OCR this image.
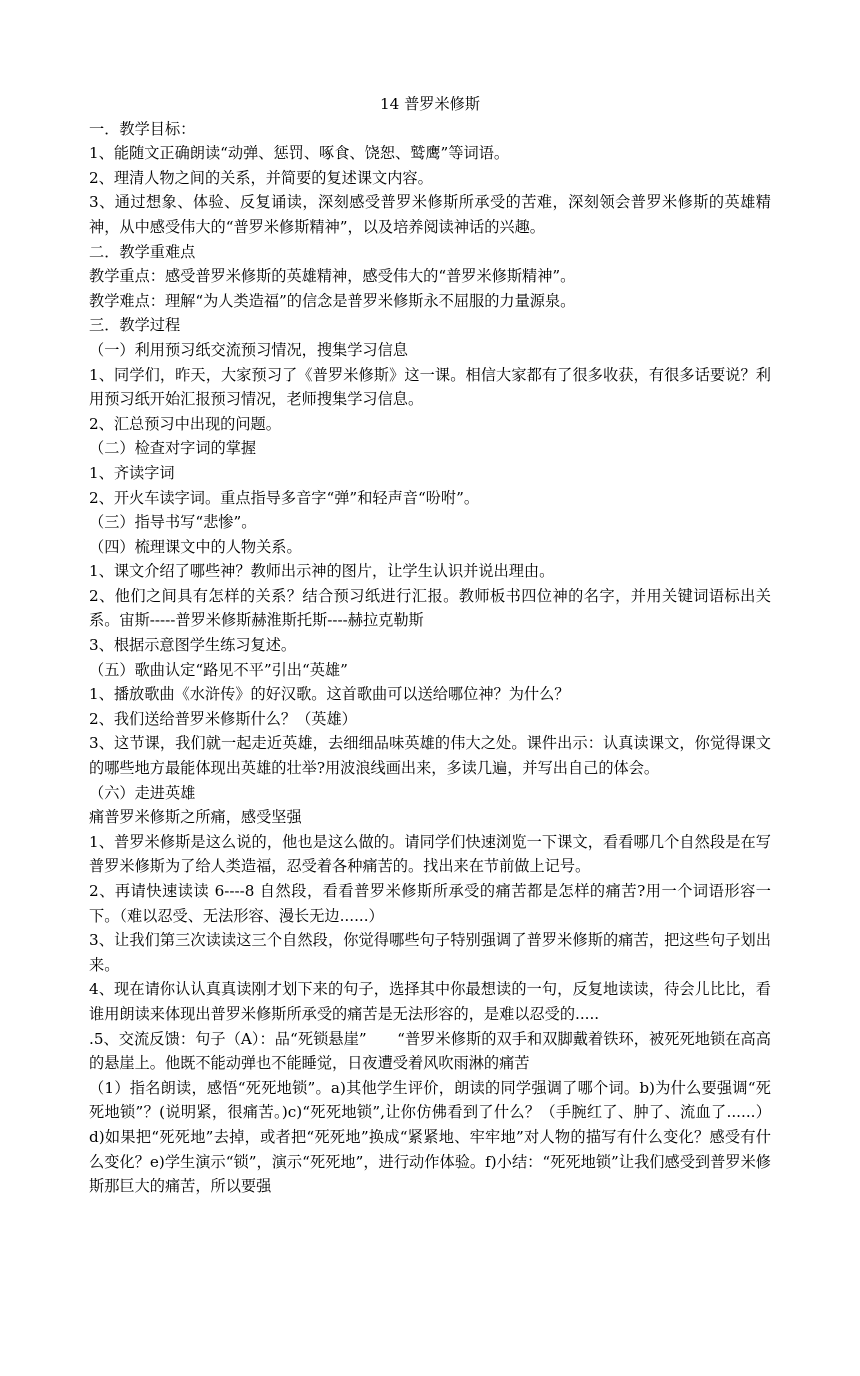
14 普罗米修斯

一．教学目标：

1、能随文正确朗读“动弹、惩罚、啄食、饶恕、鹫鹰”等词语。

2、理清人物之间的关系，并简要的复述课文内容。

3、通过想象、体验、反复诵读，深刻感受普罗米修斯所承受的苦难，深刻领会普罗米修斯的英雄精神，从中感受伟大的“普罗米修斯精神”，以及培养阅读神话的兴趣。

二．教学重难点

教学重点：感受普罗米修斯的英雄精神，感受伟大的“普罗米修斯精神”。

教学难点：理解“为人类造福”的信念是普罗米修斯永不屈服的力量源泉。

三．教学过程

（一）利用预习纸交流预习情况，搜集学习信息

1、同学们，昨天，大家预习了《普罗米修斯》这一课。相信大家都有了很多收获，有很多话要说？利用预习纸开始汇报预习情况，老师搜集学习信息。

2、汇总预习中出现的问题。

（二）检查对字词的掌握

1、齐读字词

2、开火车读字词。重点指导多音字“弹”和轻声音“吩咐”。

（三）指导书写“悲惨”。

（四）梳理课文中的人物关系。

1、课文介绍了哪些神？教师出示神的图片，让学生认识并说出理由。

2、他们之间具有怎样的关系？结合预习纸进行汇报。教师板书四位神的名字，并用关键词语标出关系。宙斯-----普罗米修斯赫淮斯托斯----赫拉克勒斯

3、根据示意图学生练习复述。

（五）歌曲认定“路见不平”引出“英雄”

1、播放歌曲《水浒传》的好汉歌。这首歌曲可以送给哪位神？为什么？

2、我们送给普罗米修斯什么？（英雄）

3、这节课，我们就一起走近英雄，去细细品味英雄的伟大之处。课件出示：认真读课文，你觉得课文的哪些地方最能体现出英雄的壮举?用波浪线画出来，多读几遍，并写出自己的体会。

（六）走进英雄

痛普罗米修斯之所痛，感受坚强

1、普罗米修斯是这么说的，他也是这么做的。请同学们快速浏览一下课文，看看哪几个自然段是在写普罗米修斯为了给人类造福，忍受着各种痛苦的。找出来在节前做上记号。

2、再请快速读读 6----8 自然段，看看普罗米修斯所承受的痛苦都是怎样的痛苦?用一个词语形容一下。（难以忍受、无法形容、漫长无边......）

3、让我们第三次读读这三个自然段，你觉得哪些句子特别强调了普罗米修斯的痛苦，把这些句子划出来。

4、现在请你认认真真读刚才划下来的句子，选择其中你最想读的一句，反复地读读，待会儿比比，看谁用朗读来体现出普罗米修斯所承受的痛苦是无法形容的，是难以忍受的.....

.5、交流反馈：句子（A）：品“死锁悬崖”　　“普罗米修斯的双手和双脚戴着铁环，被死死地锁在高高的悬崖上。他既不能动弹也不能睡觉，日夜遭受着风吹雨淋的痛苦

（1）指名朗读，感悟“死死地锁”。a)其他学生评价，朗读的同学强调了哪个词。b)为什么要强调“死死地锁”？(说明紧，很痛苦。)c)“死死地锁”,让你仿佛看到了什么？（手腕红了、肿了、流血了......）d)如果把“死死地”去掉，或者把“死死地”换成“紧紧地、牢牢地”对人物的描写有什么变化？感受有什么变化？e)学生演示“锁”，演示“死死地”，进行动作体验。f)小结：“死死地锁”让我们感受到普罗米修斯那巨大的痛苦，所以要强
